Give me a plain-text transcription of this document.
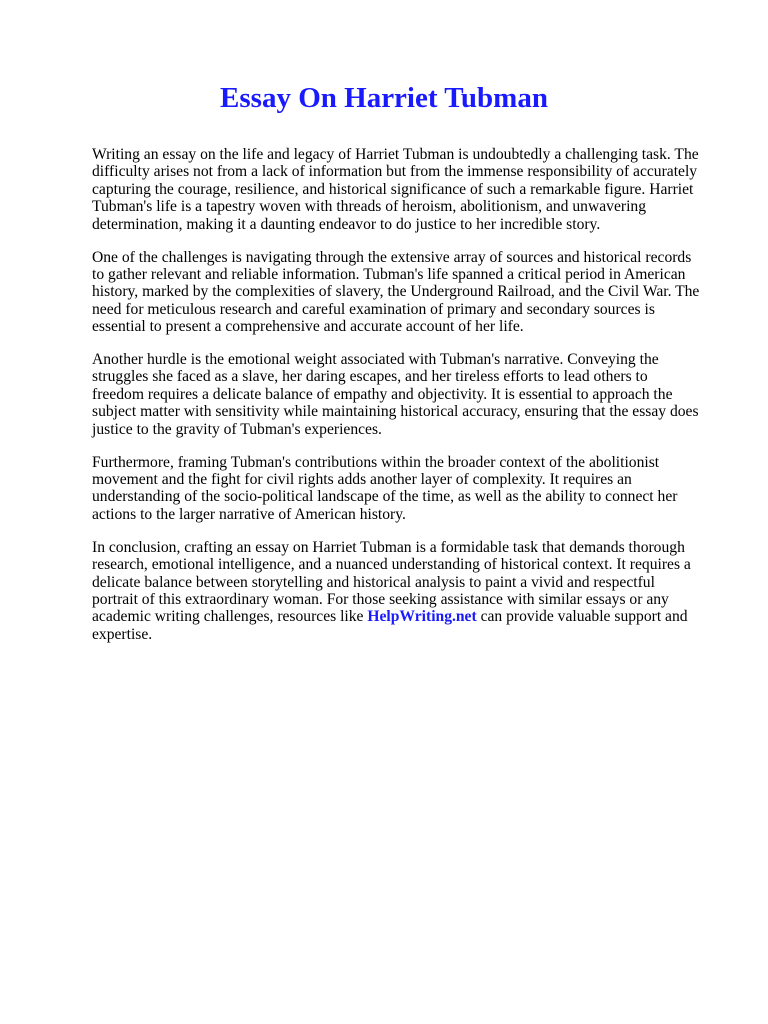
Essay On Harriet Tubman

Writing an essay on the life and legacy of Harriet Tubman is undoubtedly a challenging task. The difficulty arises not from a lack of information but from the immense responsibility of accurately capturing the courage, resilience, and historical significance of such a remarkable figure. Harriet Tubman's life is a tapestry woven with threads of heroism, abolitionism, and unwavering determination, making it a daunting endeavor to do justice to her incredible story.

One of the challenges is navigating through the extensive array of sources and historical records to gather relevant and reliable information. Tubman's life spanned a critical period in American history, marked by the complexities of slavery, the Underground Railroad, and the Civil War. The need for meticulous research and careful examination of primary and secondary sources is essential to present a comprehensive and accurate account of her life.

Another hurdle is the emotional weight associated with Tubman's narrative. Conveying the struggles she faced as a slave, her daring escapes, and her tireless efforts to lead others to freedom requires a delicate balance of empathy and objectivity. It is essential to approach the subject matter with sensitivity while maintaining historical accuracy, ensuring that the essay does justice to the gravity of Tubman's experiences.

Furthermore, framing Tubman's contributions within the broader context of the abolitionist movement and the fight for civil rights adds another layer of complexity. It requires an understanding of the socio-political landscape of the time, as well as the ability to connect her actions to the larger narrative of American history.

In conclusion, crafting an essay on Harriet Tubman is a formidable task that demands thorough research, emotional intelligence, and a nuanced understanding of historical context. It requires a delicate balance between storytelling and historical analysis to paint a vivid and respectful portrait of this extraordinary woman. For those seeking assistance with similar essays or any academic writing challenges, resources like HelpWriting.net can provide valuable support and expertise.
